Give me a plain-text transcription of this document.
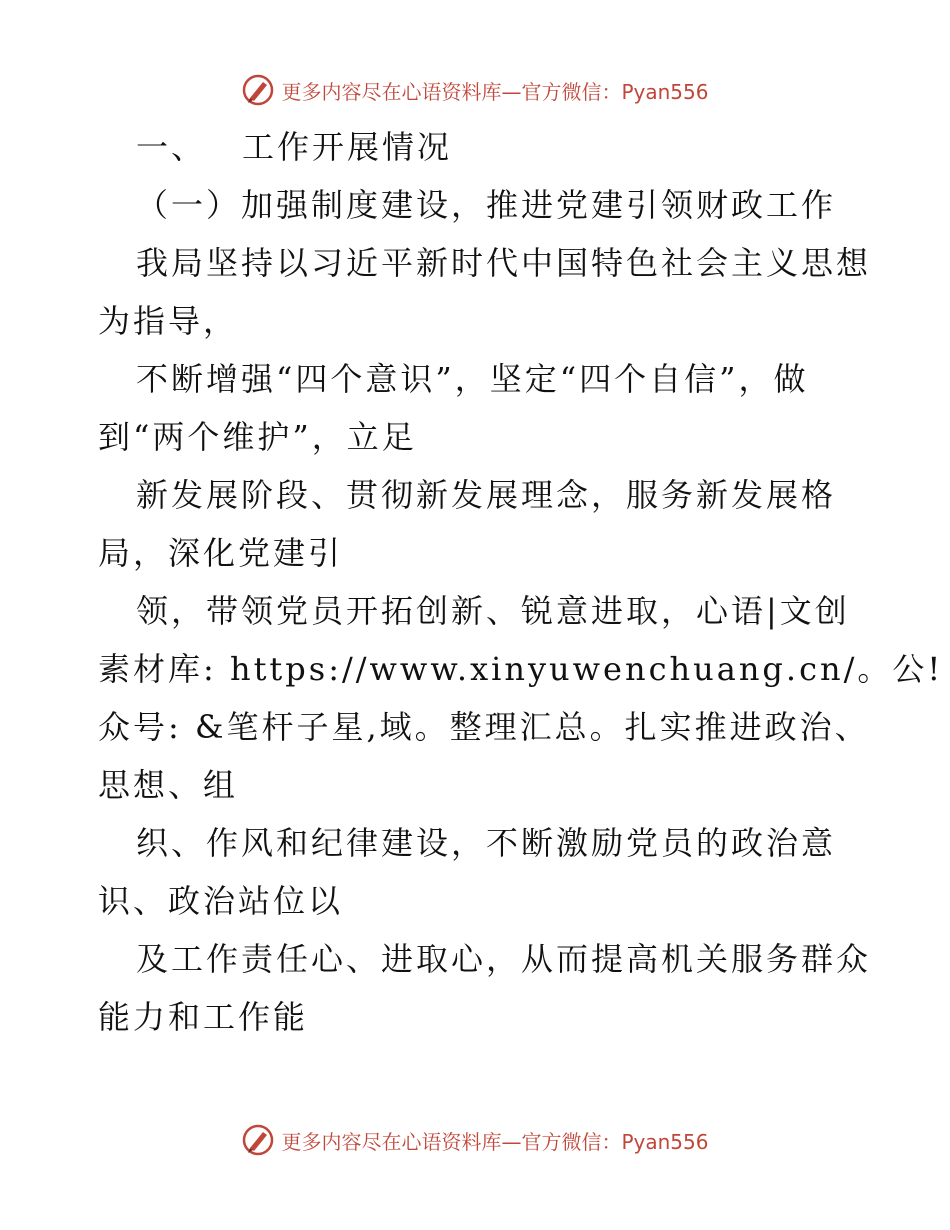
更多内容尽在心语资料库—官方微信：Pyan556
一、 工作开展情况
（一）加强制度建设，推进党建引领财政工作
我局坚持以习近平新时代中国特色社会主义思想
为指导，
不断增强“四个意识”，坚定“四个自信”，做
到“两个维护”，立足
新发展阶段、贯彻新发展理念，服务新发展格
局，深化党建引
领，带领党员开拓创新、锐意进取，心语|文创
素材库: https://www.xinyuwenchuang.cn/。公!
众号: &笔杆子星,域。整理汇总。扎实推进政治、
思想、组
织、作风和纪律建设，不断激励党员的政治意
识、政治站位以
及工作责任心、进取心，从而提高机关服务群众
能力和工作能
更多内容尽在心语资料库—官方微信：Pyan556
